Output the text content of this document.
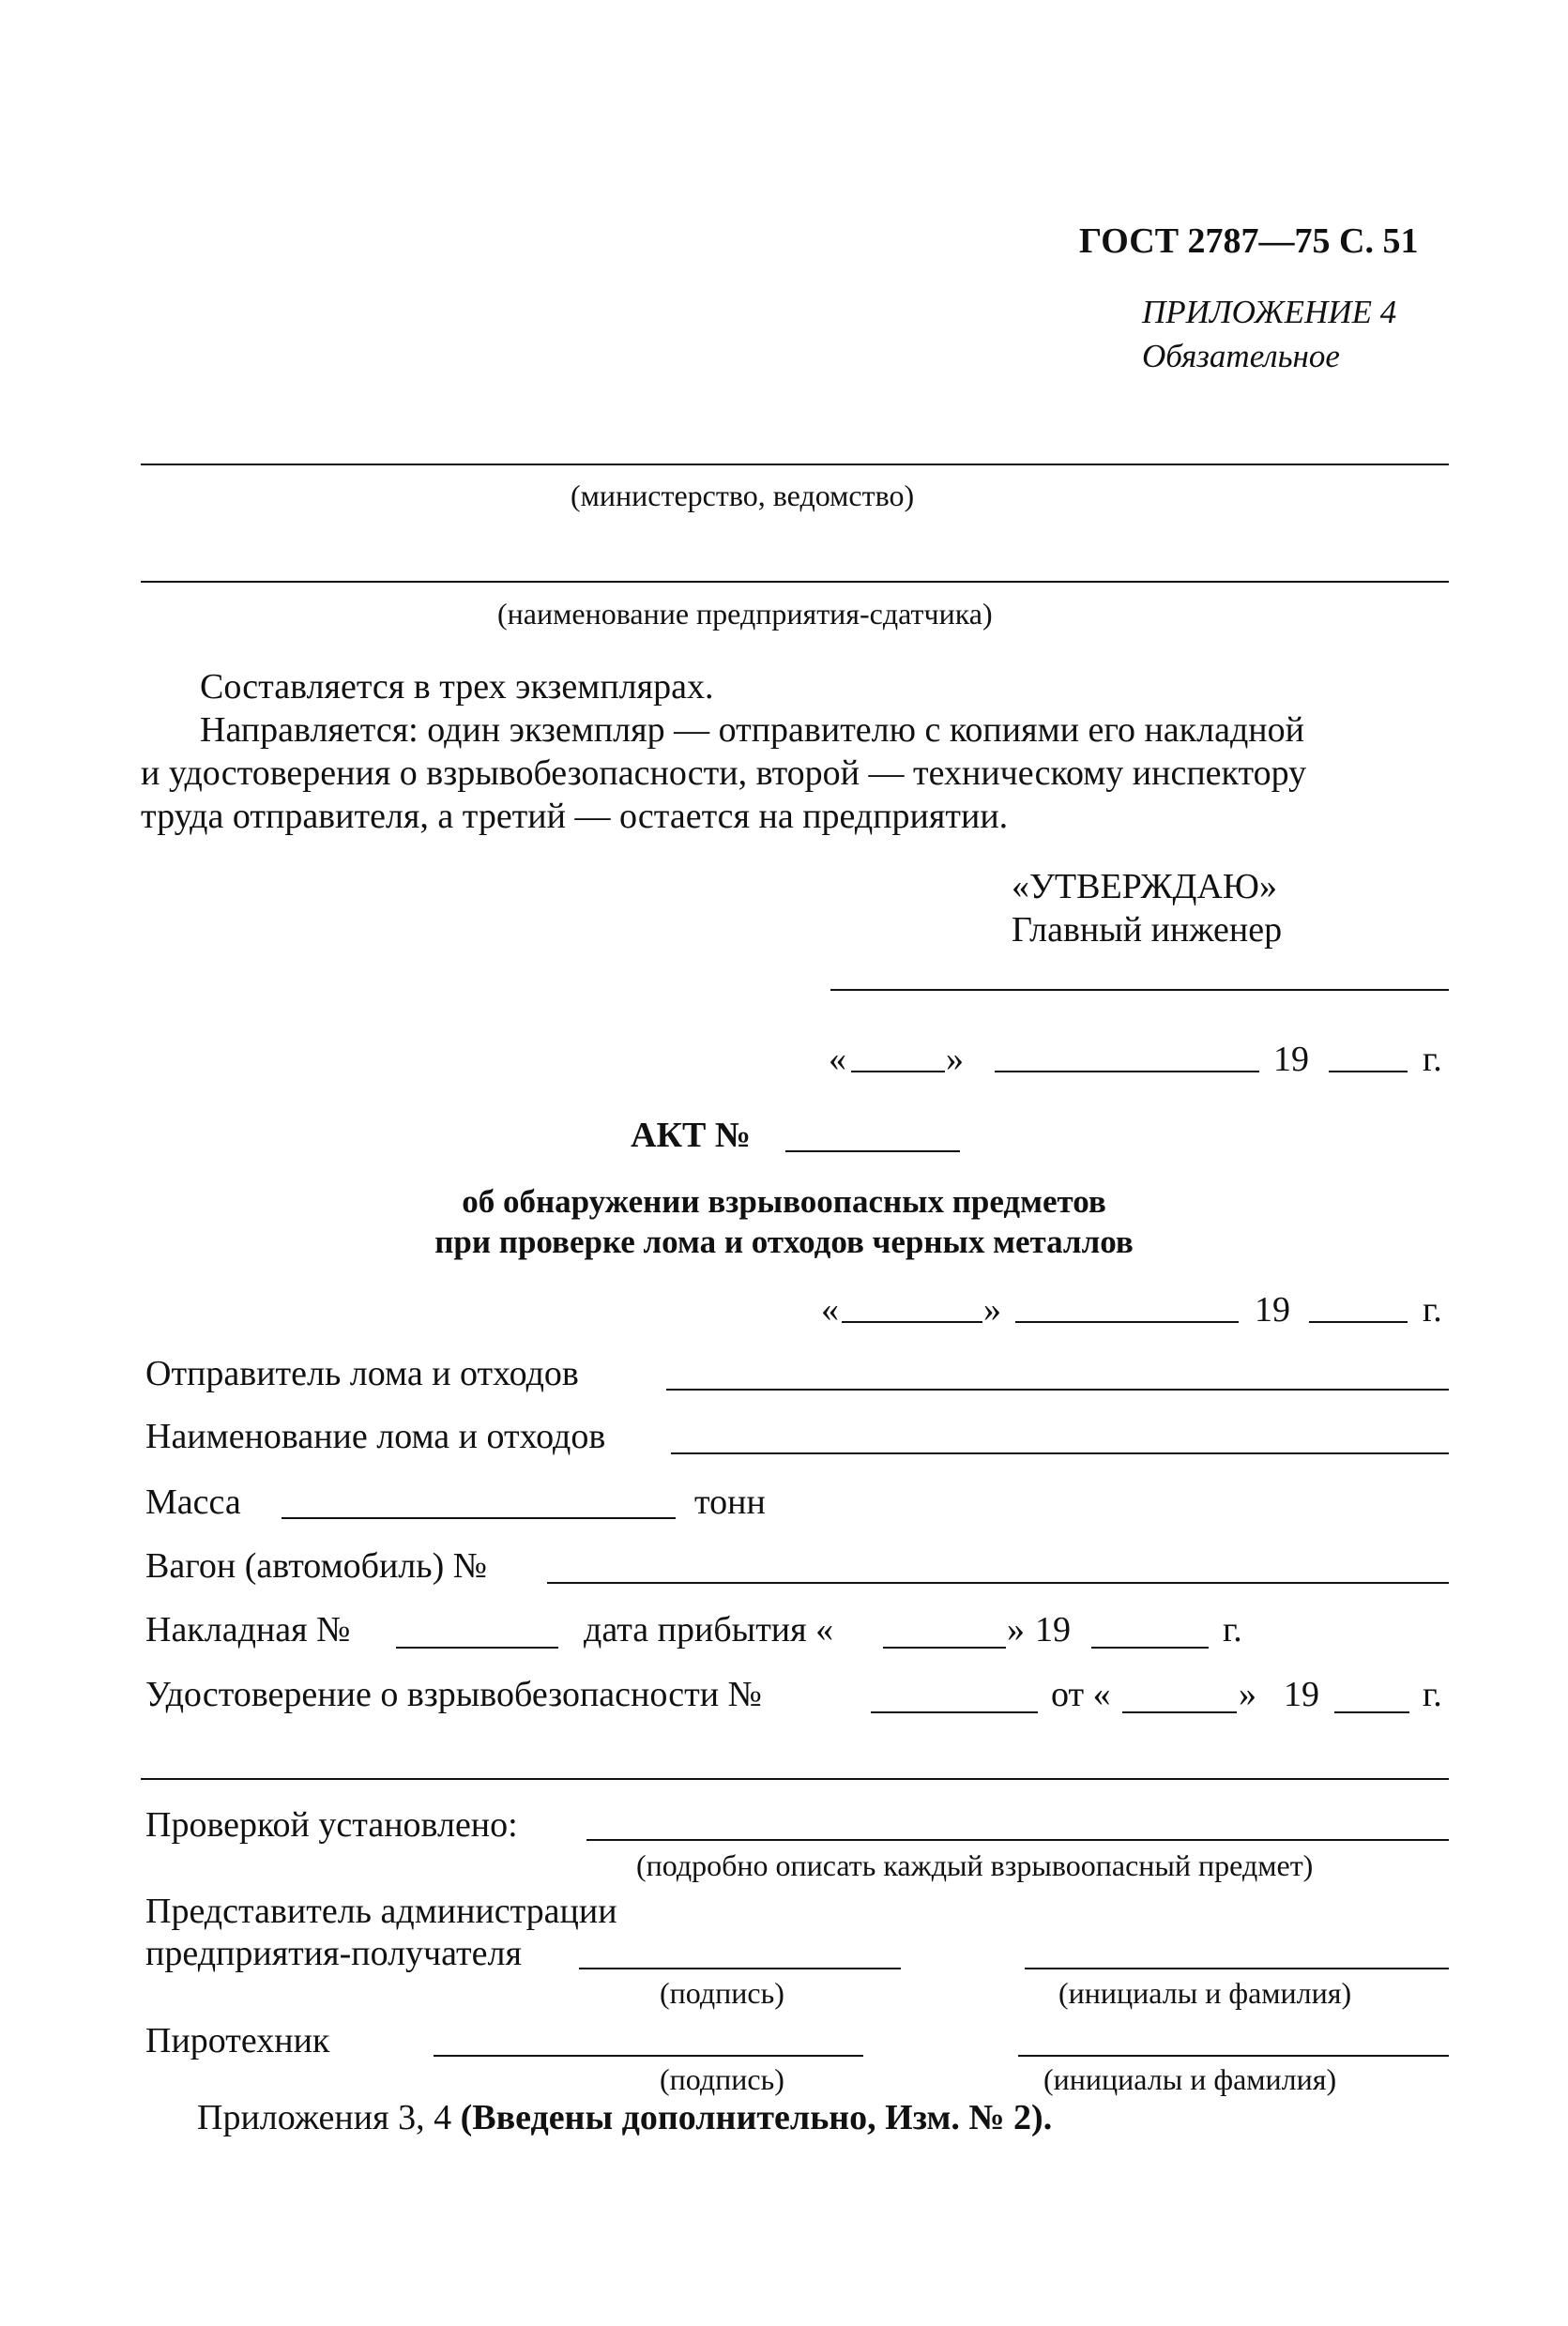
ГОСТ 2787—75 С. 51
ПРИЛОЖЕНИЕ 4
Обязательное
(министерство, ведомство)
(наименование предприятия-сдатчика)
Составляется в трех экземплярах.
Направляется: один экземпляр — отправителю с копиями его накладной
и удостоверения о взрывобезопасности, второй — техническому инспектору
труда отправителя, а третий — остается на предприятии.
«УТВЕРЖДАЮ»
Главный инженер
«	»	19	г.
АКТ №
об обнаружении взрывоопасных предметов
при проверке лома и отходов черных металлов
«	»	19	г.
Отправитель лома и отходов
Наименование лома и отходов
Масса	тонн
Вагон (автомобиль) №
Накладная №	дата прибытия «	» 19	г.
Удостоверение о взрывобезопасности №	от «	» 19	г.
Проверкой установлено:
(подробно описать каждый взрывоопасный предмет)
Представитель администрации
предприятия-получателя
(подпись)	(инициалы и фамилия)
Пиротехник
(подпись)	(инициалы и фамилия)
Приложения 3, 4 (Введены дополнительно, Изм. № 2).
